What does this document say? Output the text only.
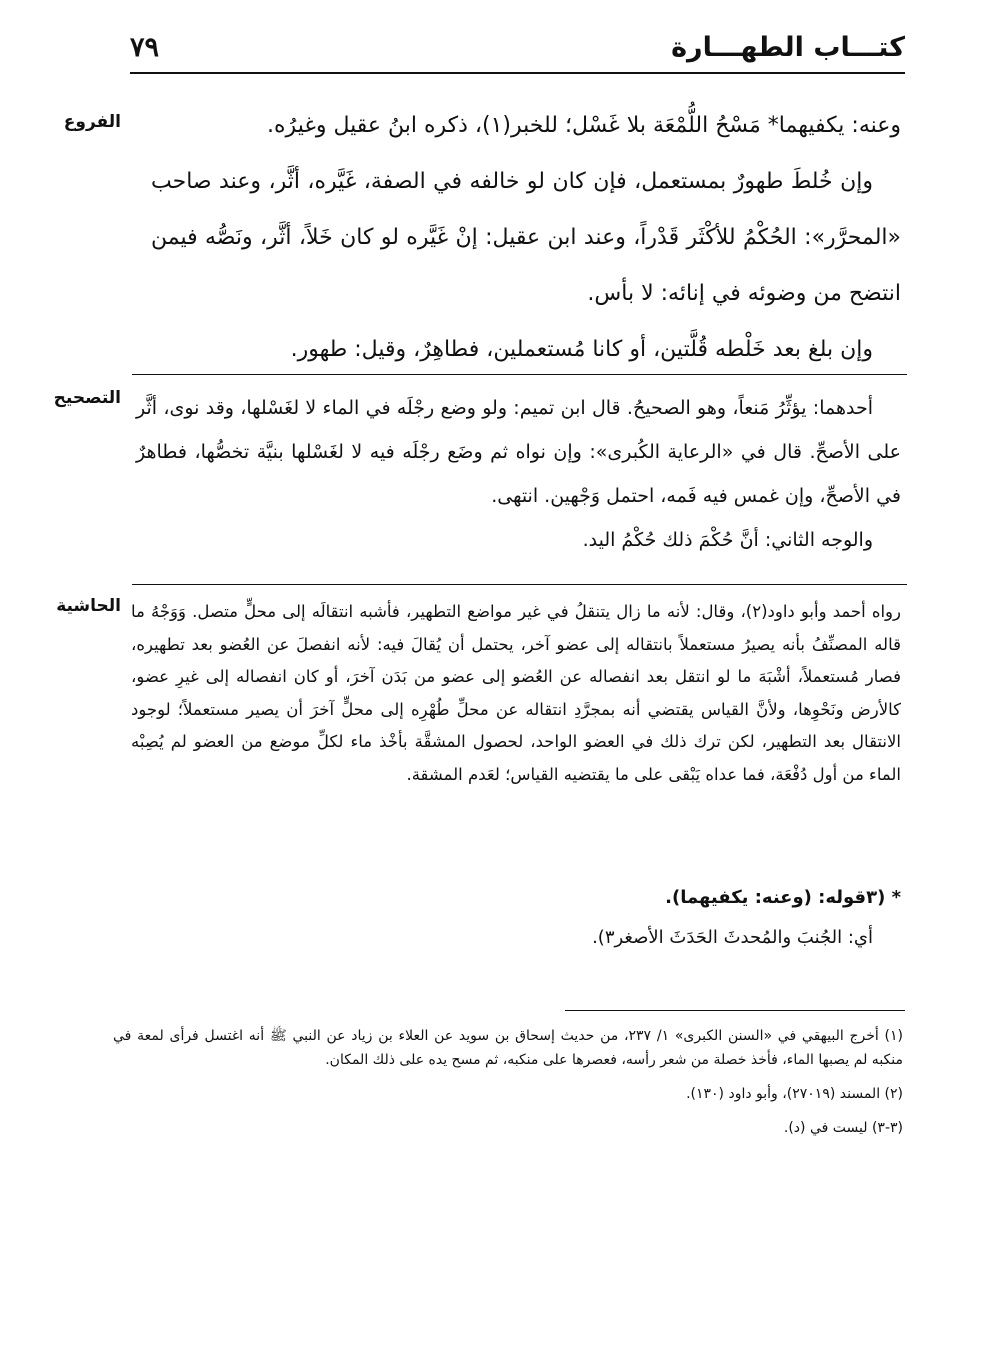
٧٩	كتـــاب الطهـــارة
الفروع	وعنه: يكفيهما* مَسْحُ اللُّمْعَة بلا غَسْل؛ للخبر(١)، ذكره ابنُ عقيل وغيرُه.

وإن خُلطَ طهورٌ بمستعمل، فإن كان لو خالفه في الصفة، غَيَّره، أثَّر، وعند صاحب «المحرَّر»: الحُكْمُ للأكْثَر قَدْراً، وعند ابن عقيل: إنْ غَيَّره لو كان خَلاً، أثَّر، ونَصُّه فيمن انتضح من وضوئه في إنائه: لا بأس.

وإن بلغ بعد خَلْطه قُلَّتين، أو كانا مُستعملين، فطاهِرٌ، وقيل: طهور.

التصحيح أحدهما: يؤثِّرُ مَنعاً، وهو الصحيحُ. قال ابن تميم: ولو وضع رجْلَه في الماء لا لغَسْلها، وقد نوى، أثَّر على الأصحِّ. قال في «الرعاية الكُبرى»: وإن نواه ثم وضَع رجْلَه فيه لا لغَسْلها بنيَّة تخصُّها، فطاهرٌ في الأصحِّ، وإن غمس فيه فَمه، احتمل وَجْهين. انتهى.

والوجه الثاني: أنَّ حُكْمَ ذلك حُكْمُ اليد.

الحاشية رواه أحمد وأبو داود(٢)، وقال: لأنه ما زال يتنقلُ في غير مواضع التطهير، فأشبه انتقالَه إلى محلٍّ متصل. وَوَجْهُ ما قاله المصنِّفُ بأنه يصيرُ مستعملاً بانتقاله إلى عضو آخر، يحتمل أن يُقالَ فيه: لأنه انفصلَ عن العُضو بعد تطهيره، فصار مُستعملاً، أشْبَهَ ما لو انتقل بعد انفصاله عن العُضو إلى عضو من بَدَن آخرَ، أو كان انفصاله إلى غيرِ عضو، كالأرض ونَحْوِها، ولأنَّ القياس يقتضي أنه بمجرَّدِ انتقاله عن محلِّ طُهْرِه إلى محلٍّ آخرَ أن يصير مستعملاً؛ لوجود الانتقال بعد التطهير، لكن ترك ذلك في العضو الواحد، لحصول المشقَّة بأخْذ ماء لكلِّ موضع من العضو لم يُصِبْه الماء من أول دُفْعَة، فما عداه يَبْقى على ما يقتضيه القياس؛ لعَدم المشقة.

* (٣قوله: (وعنه: يكفيهما).

أي: الجُنبَ والمُحدثَ الحَدَثَ الأصغر٣).

(١) أخرج البيهقي في «السنن الكبرى» ١/ ٢٣٧، من حديث إسحاق بن سويد عن العلاء بن زياد عن النبي ﷺ أنه اغتسل فرأى لمعة في منكبه لم يصبها الماء، فأخذ خصلة من شعر رأسه، فعصرها على منكبه، ثم مسح يده على ذلك المكان.

(٢) المسند (٢٧٠١٩)، وأبو داود (١٣٠).

(٣-٣) ليست في (د).
